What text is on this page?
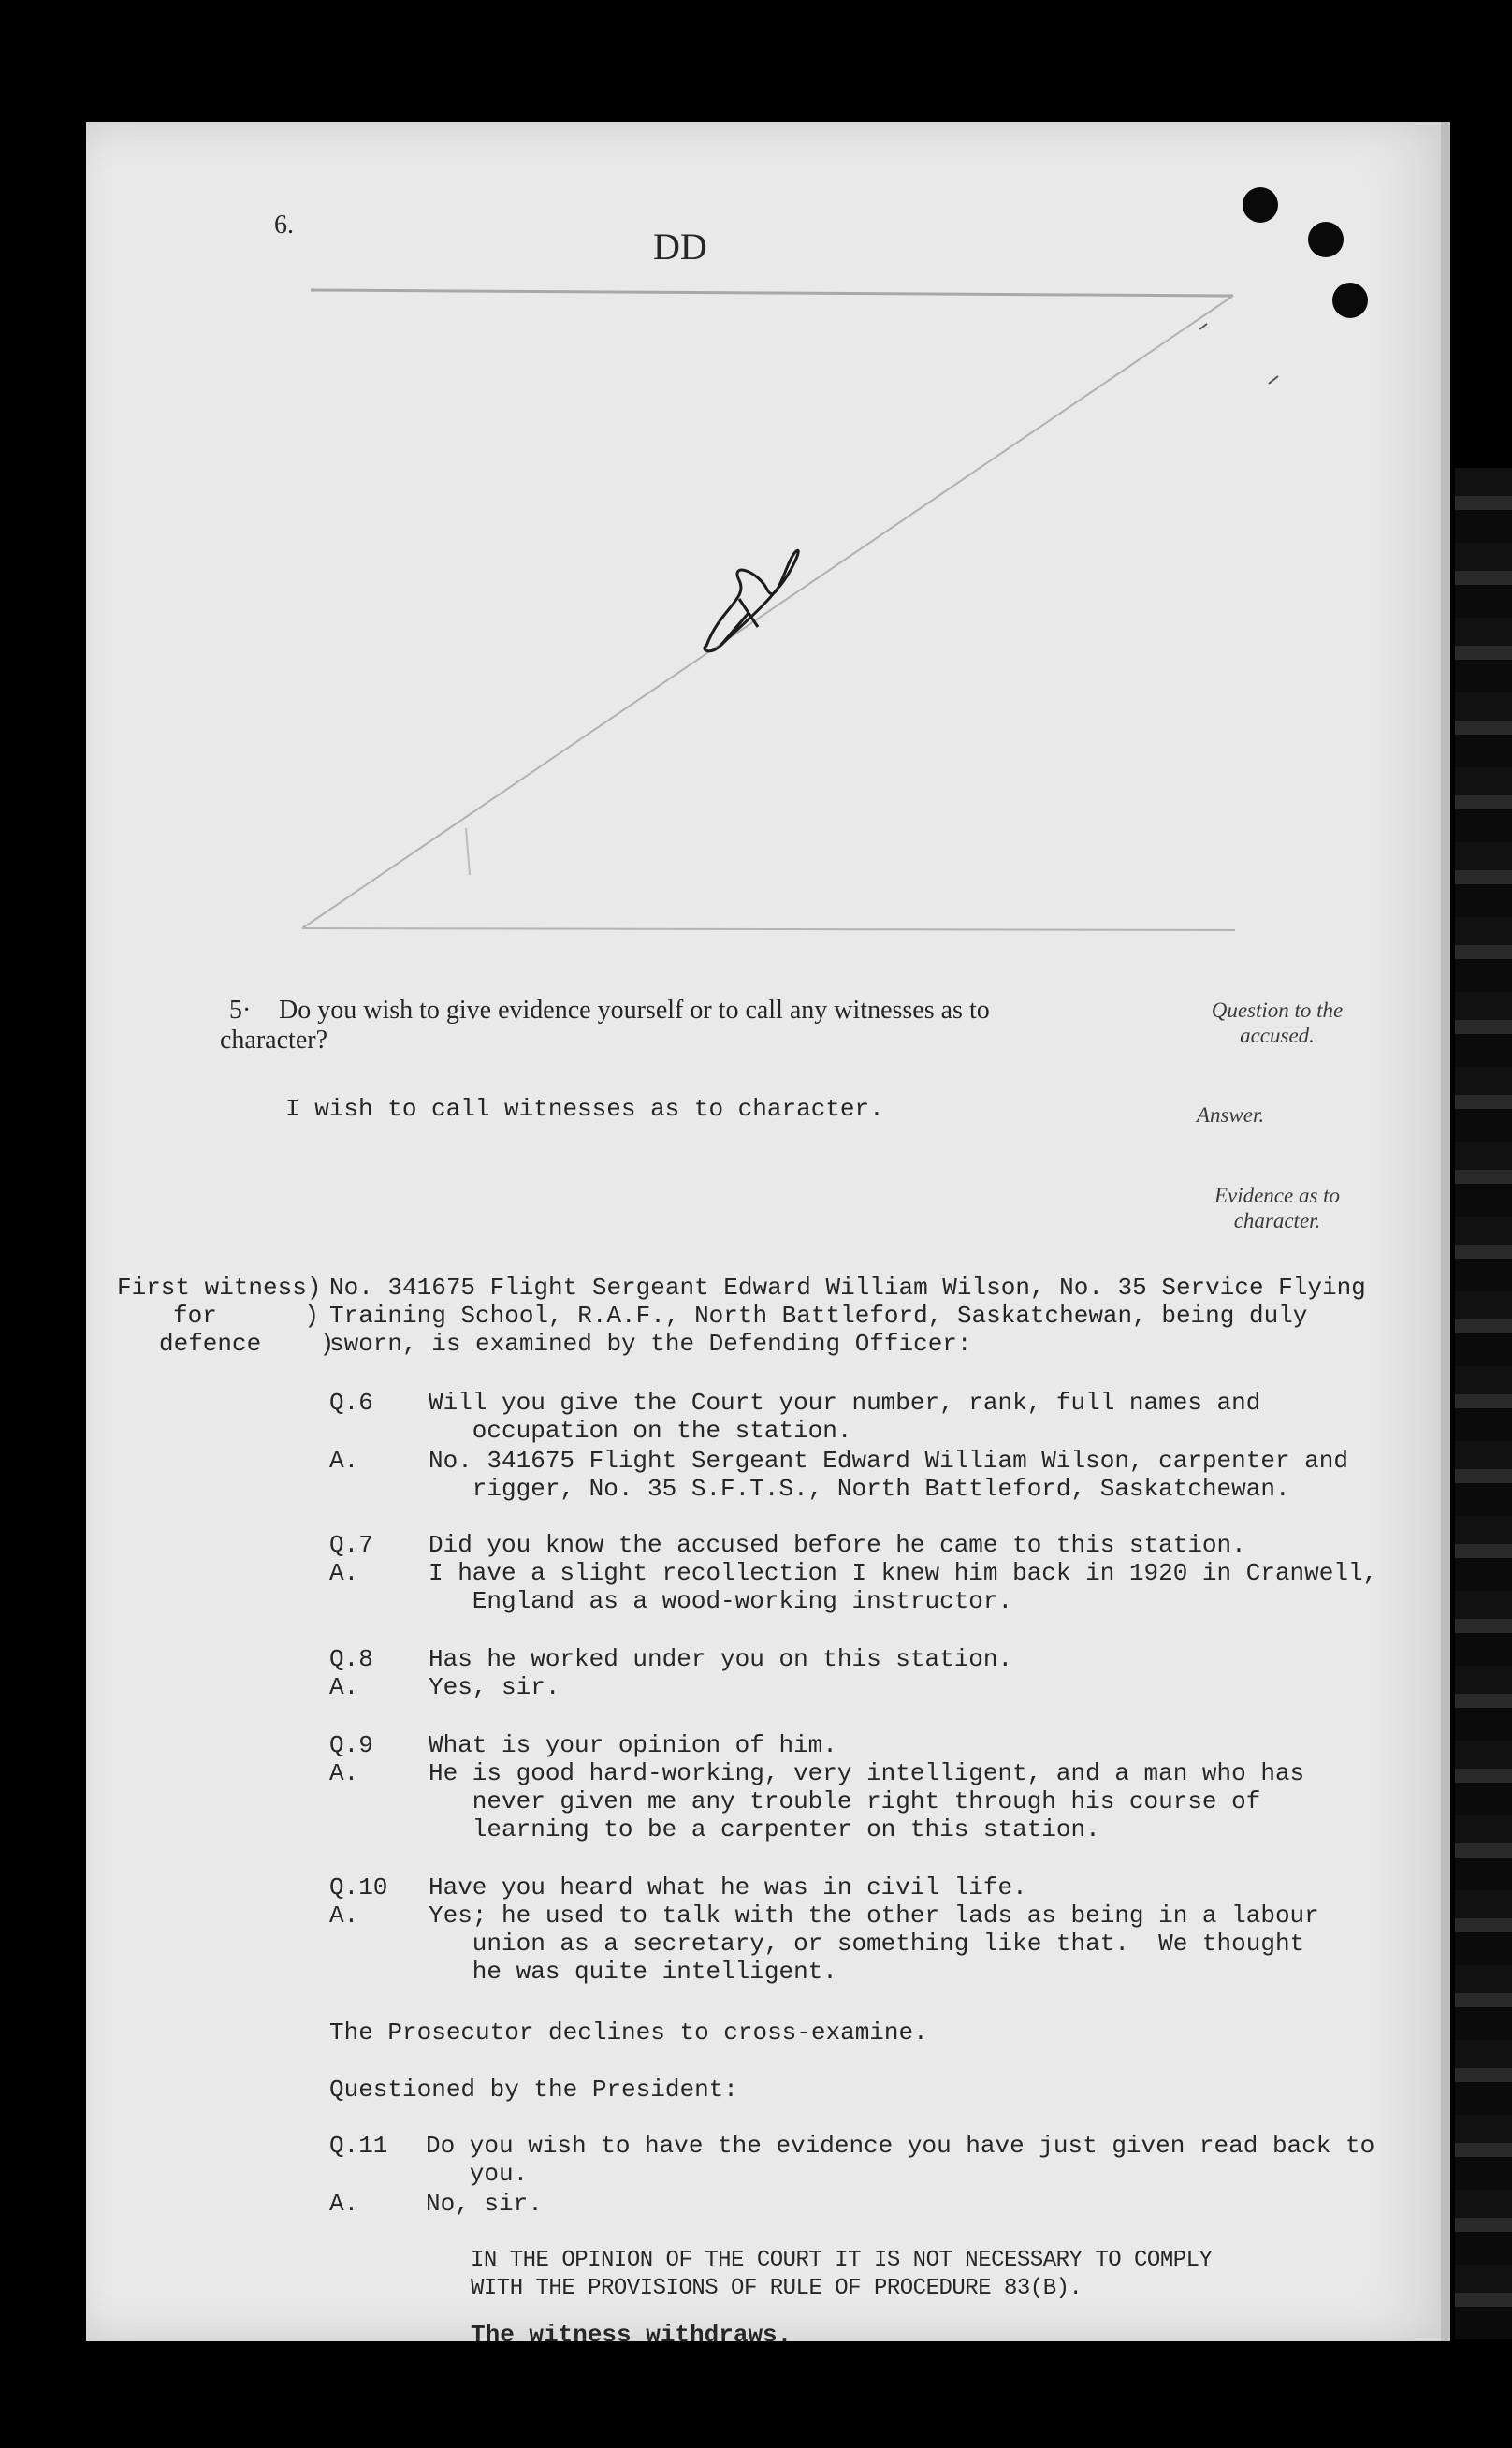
6.
DD
5· Do you wish to give evidence yourself or to call any witnesses as to
character?
Question to the accused.
I wish to call witnesses as to character.	Answer.
Evidence as to character.
First witness)
for      )
defence    )
No. 341675 Flight Sergeant Edward William Wilson, No. 35 Service Flying
Training School, R.A.F., North Battleford, Saskatchewan, being duly
sworn, is examined by the Defending Officer:
Q.6 Will you give the Court your number, rank, full names and
occupation on the station.
A.	No. 341675 Flight Sergeant Edward William Wilson, carpenter and
rigger, No. 35 S.F.T.S., North Battleford, Saskatchewan.
Q.7 Did you know the accused before he came to this station.
A.	I have a slight recollection I knew him back in 1920 in Cranwell,
England as a wood-working instructor.
Q.8 Has he worked under you on this station.
A.	Yes, sir.
Q.9 What is your opinion of him.
A.	He is good hard-working, very intelligent, and a man who has
never given me any trouble right through his course of
learning to be a carpenter on this station.
Q.10 Have you heard what he was in civil life.
A.	Yes; he used to talk with the other lads as being in a labour
union as a secretary, or something like that.  We thought
he was quite intelligent.
The Prosecutor declines to cross-examine.
Questioned by the President:
Q.11 Do you wish to have the evidence you have just given read back to
you.
A.	No, sir.
IN THE OPINION OF THE COURT IT IS NOT NECESSARY TO COMPLY
WITH THE PROVISIONS OF RULE OF PROCEDURE 83(B).
The witness withdraws.
